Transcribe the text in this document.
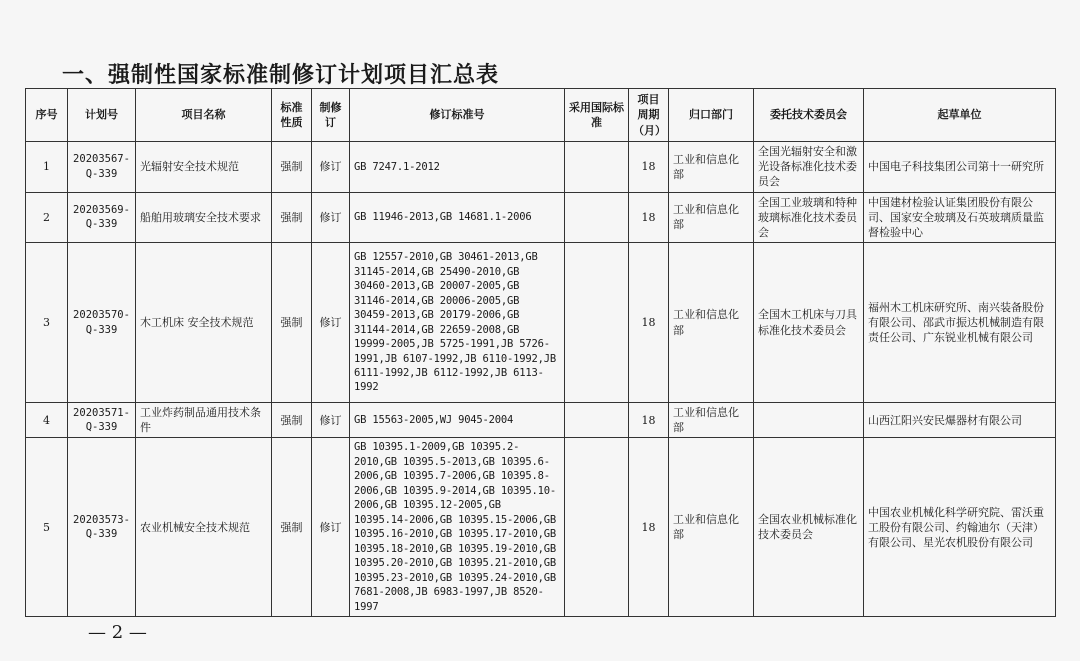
一、强制性国家标准制修订计划项目汇总表
序号	计划号	项目名称	标准性质	制修订	修订标准号	采用国际标准	项目周期（月）	归口部门	委托技术委员会	起草单位
1	20203567-Q-339	光辐射安全技术规范	强制	修订	GB 7247.1-2012		18	工业和信息化部	全国光辐射安全和激光设备标准化技术委员会	中国电子科技集团公司第十一研究所
2	20203569-Q-339	船舶用玻璃安全技术要求	强制	修订	GB 11946-2013,GB 14681.1-2006		18	工业和信息化部	全国工业玻璃和特种玻璃标准化技术委员会	中国建材检验认证集团股份有限公司、国家安全玻璃及石英玻璃质量监督检验中心
3	20203570-Q-339	木工机床 安全技术规范	强制	修订	GB 12557-2010,GB 30461-2013,GB 31145-2014,GB 25490-2010,GB 30460-2013,GB 20007-2005,GB 31146-2014,GB 20006-2005,GB 30459-2013,GB 20179-2006,GB 31144-2014,GB 22659-2008,GB 19999-2005,JB 5725-1991,JB 5726-1991,JB 6107-1992,JB 6110-1992,JB 6111-1992,JB 6112-1992,JB 6113-1992		18	工业和信息化部	全国木工机床与刀具标准化技术委员会	福州木工机床研究所、南兴装备股份有限公司、邵武市振达机械制造有限责任公司、广东锐业机械有限公司
4	20203571-Q-339	工业炸药制品通用技术条件	强制	修订	GB 15563-2005,WJ 9045-2004		18	工业和信息化部		山西江阳兴安民爆器材有限公司
5	20203573-Q-339	农业机械安全技术规范	强制	修订	GB 10395.1-2009,GB 10395.2-2010,GB 10395.5-2013,GB 10395.6-2006,GB 10395.7-2006,GB 10395.8-2006,GB 10395.9-2014,GB 10395.10-2006,GB 10395.12-2005,GB 10395.14-2006,GB 10395.15-2006,GB 10395.16-2010,GB 10395.17-2010,GB 10395.18-2010,GB 10395.19-2010,GB 10395.20-2010,GB 10395.21-2010,GB 10395.23-2010,GB 10395.24-2010,GB 7681-2008,JB 6983-1997,JB 8520-1997		18	工业和信息化部	全国农业机械标准化技术委员会	中国农业机械化科学研究院、雷沃重工股份有限公司、约翰迪尔（天津）有限公司、星光农机股份有限公司
— 2 —
